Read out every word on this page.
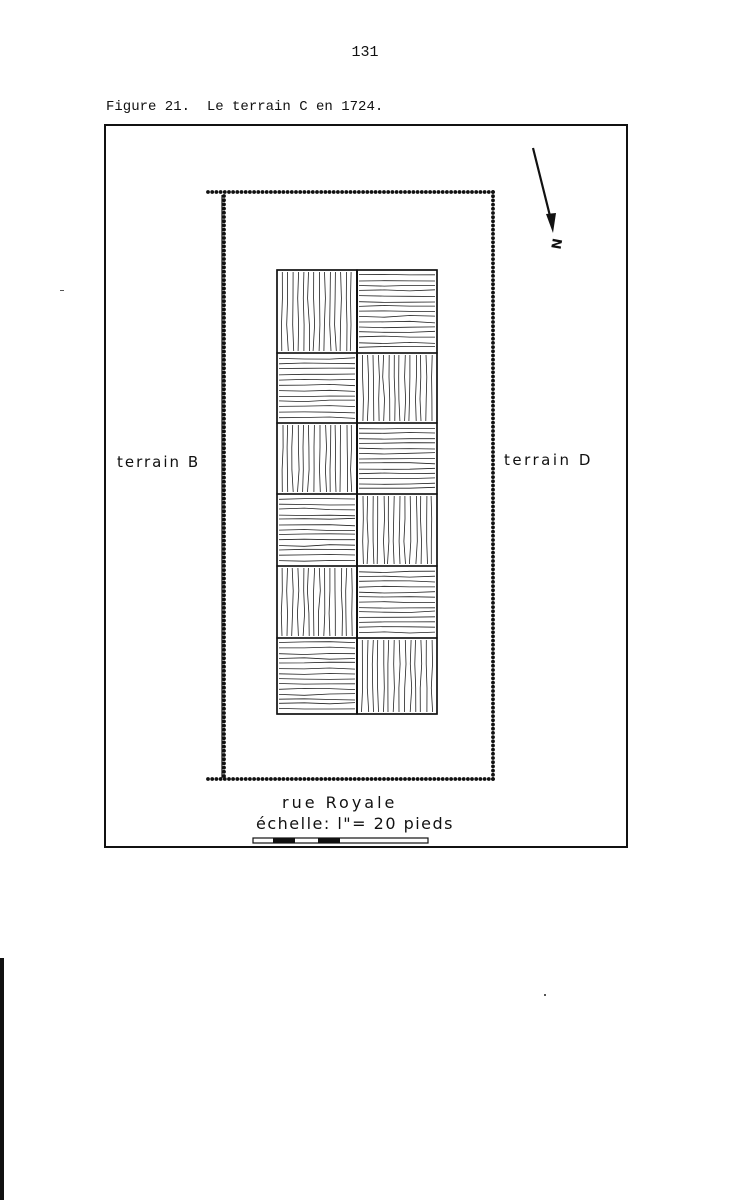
131
Figure 21.  Le terrain C en 1724.
N
terrain B	terrain D
rue Royale
échelle: l"= 20 pieds
